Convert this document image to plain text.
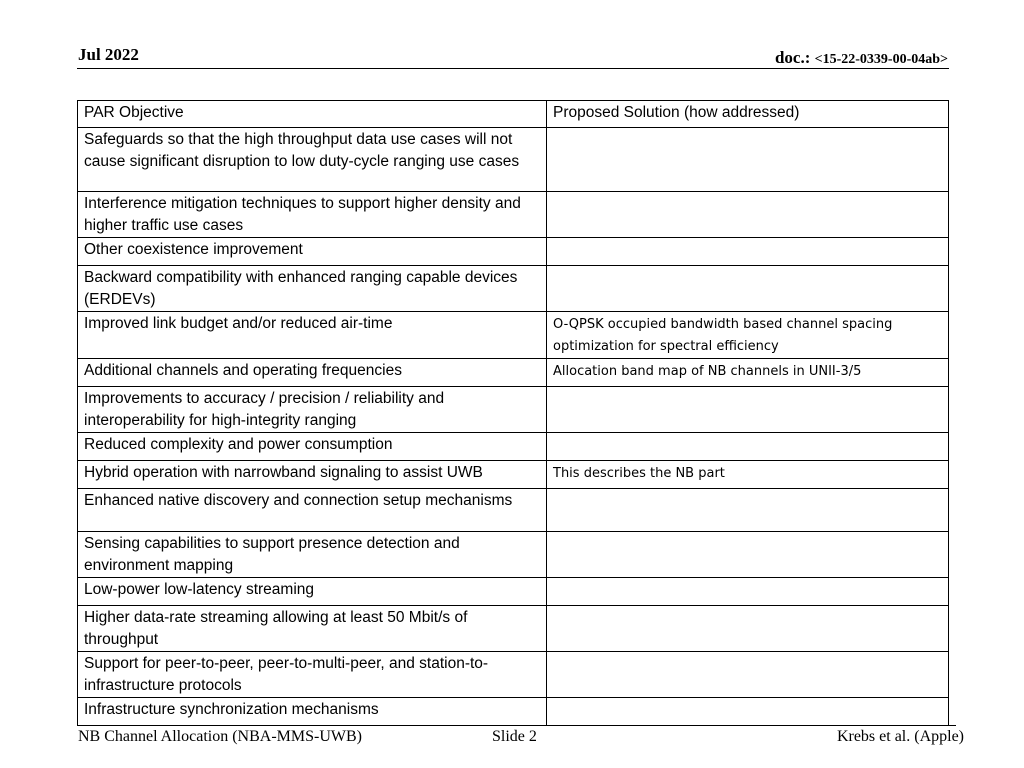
Jul 2022	doc.: <15-22-0339-00-04ab>
PAR Objective	Proposed Solution (how addressed)
Safeguards so that the high throughput data use cases will not cause significant disruption to low duty-cycle ranging use cases	
Interference mitigation techniques to support higher density and higher traffic use cases	
Other coexistence improvement	
Backward compatibility with enhanced ranging capable devices (ERDEVs)	
Improved link budget and/or reduced air-time	O-QPSK occupied bandwidth based channel spacing optimization for spectral efficiency
Additional channels and operating frequencies	Allocation band map of NB channels in UNII-3/5
Improvements to accuracy / precision / reliability and interoperability for high-integrity ranging	
Reduced complexity and power consumption	
Hybrid operation with narrowband signaling to assist UWB	This describes the NB part
Enhanced native discovery and connection setup mechanisms	
Sensing capabilities to support presence detection and environment mapping	
Low-power low-latency streaming	
Higher data-rate streaming allowing at least 50 Mbit/s of throughput	
Support for peer-to-peer, peer-to-multi-peer, and station-to-infrastructure protocols	
Infrastructure synchronization mechanisms	
NB Channel Allocation (NBA-MMS-UWB)	Slide 2	Krebs et al. (Apple)
